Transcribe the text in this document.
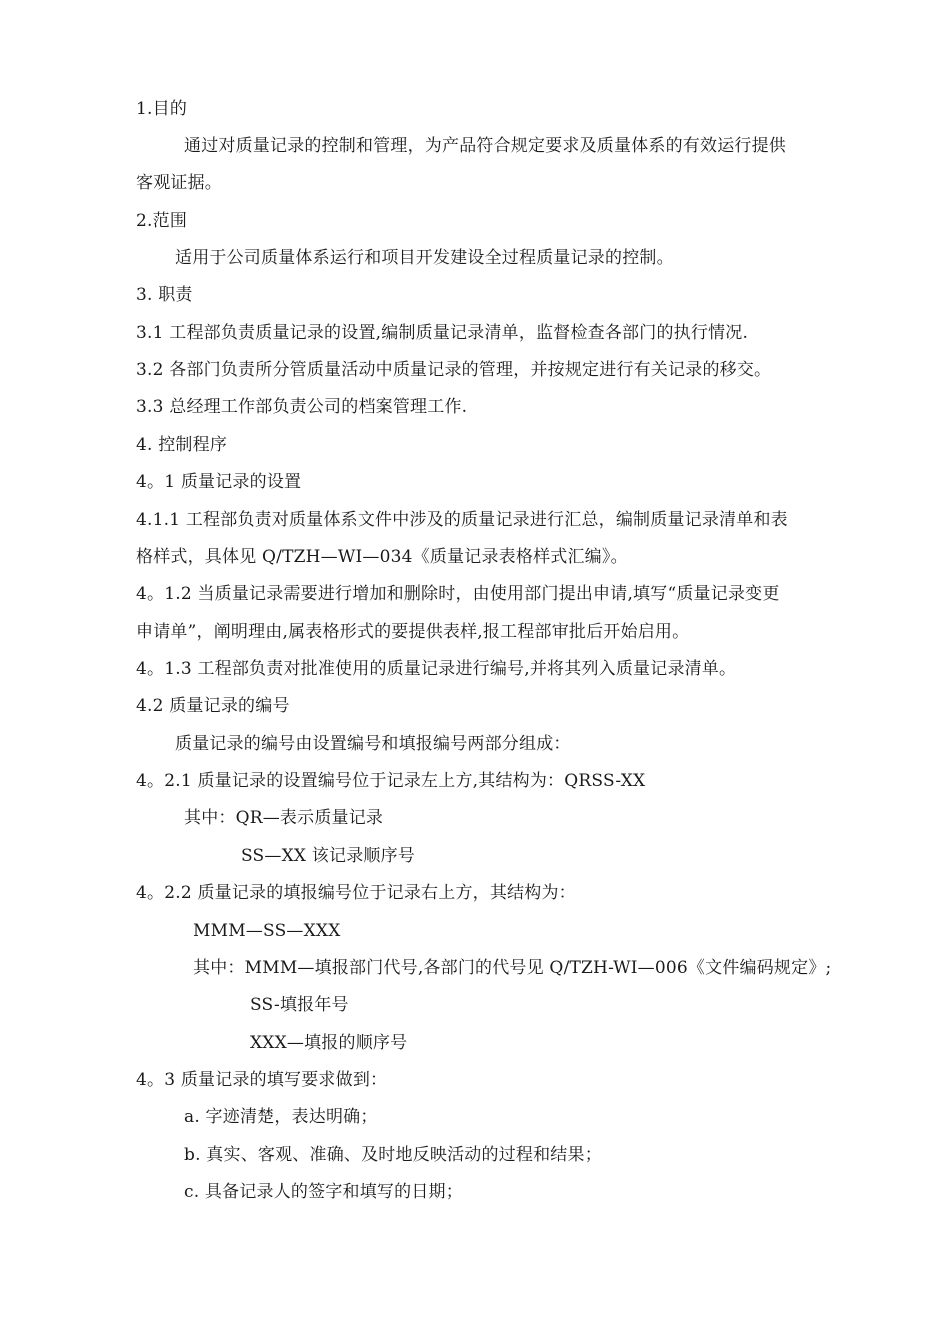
1.目的
通过对质量记录的控制和管理，为产品符合规定要求及质量体系的有效运行提供
客观证据。
2.范围
适用于公司质量体系运行和项目开发建设全过程质量记录的控制。
3. 职责
3.1 工程部负责质量记录的设置,编制质量记录清单，监督检查各部门的执行情况.
3.2 各部门负责所分管质量活动中质量记录的管理，并按规定进行有关记录的移交。
3.3 总经理工作部负责公司的档案管理工作.
4. 控制程序
4。1 质量记录的设置
4.1.1 工程部负责对质量体系文件中涉及的质量记录进行汇总，编制质量记录清单和表
格样式，具体见 Q/TZH—WI—034《质量记录表格样式汇编》。
4。1.2 当质量记录需要进行增加和删除时，由使用部门提出申请,填写“质量记录变更
申请单”，阐明理由,属表格形式的要提供表样,报工程部审批后开始启用。
4。1.3 工程部负责对批准使用的质量记录进行编号,并将其列入质量记录清单。
4.2 质量记录的编号
质量记录的编号由设置编号和填报编号两部分组成：
4。2.1 质量记录的设置编号位于记录左上方,其结构为：QRSS-XX
其中：QR—表示质量记录
SS—XX 该记录顺序号
4。2.2 质量记录的填报编号位于记录右上方，其结构为：
MMM—SS—XXX
其中：MMM—填报部门代号,各部门的代号见 Q/TZH-WI—006《文件编码规定》;
SS-填报年号
XXX—填报的顺序号
4。3 质量记录的填写要求做到：
a. 字迹清楚，表达明确；
b. 真实、客观、准确、及时地反映活动的过程和结果；
c. 具备记录人的签字和填写的日期；
